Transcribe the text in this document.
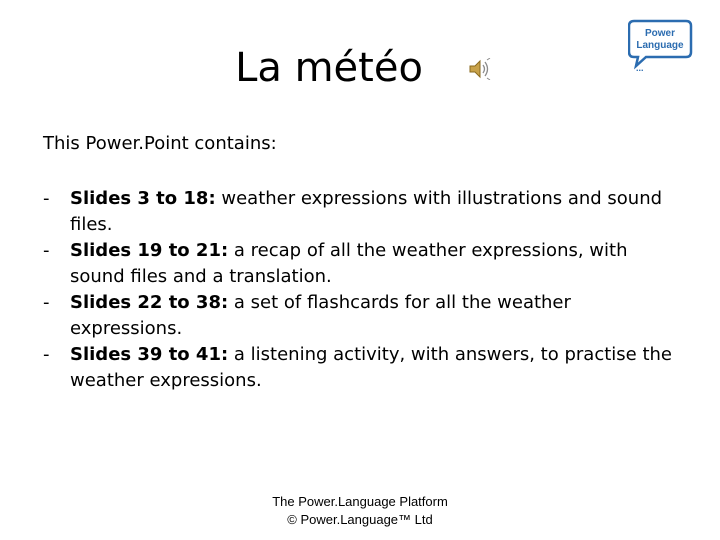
La météo
Power
Language
...
This Power.Point contains:
- Slides 3 to 18: weather expressions with illustrations and sound files.
- Slides 19 to 21: a recap of all the weather expressions, with sound files and a translation.
- Slides 22 to 38: a set of flashcards for all the weather expressions.
- Slides 39 to 41: a listening activity, with answers, to practise the weather expressions.
The Power.Language Platform
© Power.Language™ Ltd
